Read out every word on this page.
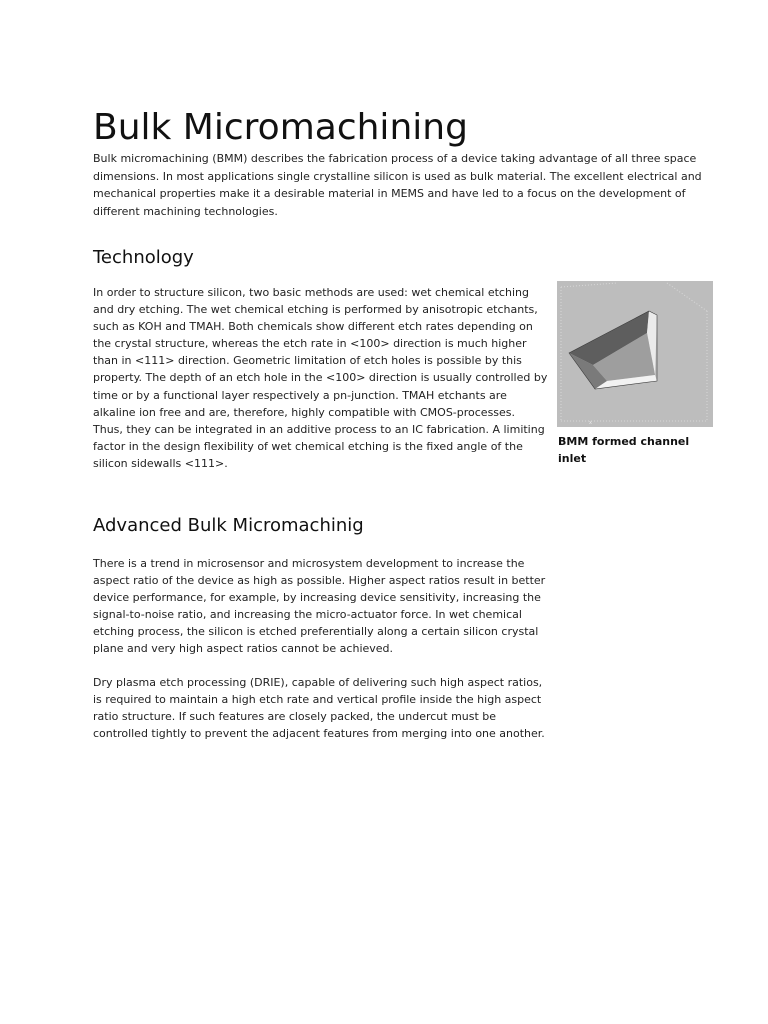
Bulk Micromachining

Bulk micromachining (BMM) describes the fabrication process of a device taking advantage of all three space dimensions. In most applications single crystalline silicon is used as bulk material. The excellent electrical and mechanical properties make it a desirable material in MEMS and have led to a focus on the development of different machining technologies.

Technology

In order to structure silicon, two basic methods are used: wet chemical etching and dry etching. The wet chemical etching is performed by anisotropic etchants, such as KOH and TMAH. Both chemicals show different etch rates depending on the crystal structure, whereas the etch rate in <100> direction is much higher than in <111> direction. Geometric limitation of etch holes is possible by this property. The depth of an etch hole in the <100> direction is usually controlled by time or by a functional layer respectively a pn-junction. TMAH etchants are alkaline ion free and are, therefore, highly compatible with CMOS-processes. Thus, they can be integrated in an additive process to an IC fabrication. A limiting factor in the design flexibility of wet chemical etching is the fixed angle of the silicon sidewalls <111>.

x

BMM formed channel inlet

Advanced Bulk Micromachinig

There is a trend in microsensor and microsystem development to increase the aspect ratio of the device as high as possible. Higher aspect ratios result in better device performance, for example, by increasing device sensitivity, increasing the signal-to-noise ratio, and increasing the micro-actuator force. In wet chemical etching process, the silicon is etched preferentially along a certain silicon crystal plane and very high aspect ratios cannot be achieved.

Dry plasma etch processing (DRIE), capable of delivering such high aspect ratios, is required to maintain a high etch rate and vertical profile inside the high aspect ratio structure. If such features are closely packed, the undercut must be controlled tightly to prevent the adjacent features from merging into one another.
